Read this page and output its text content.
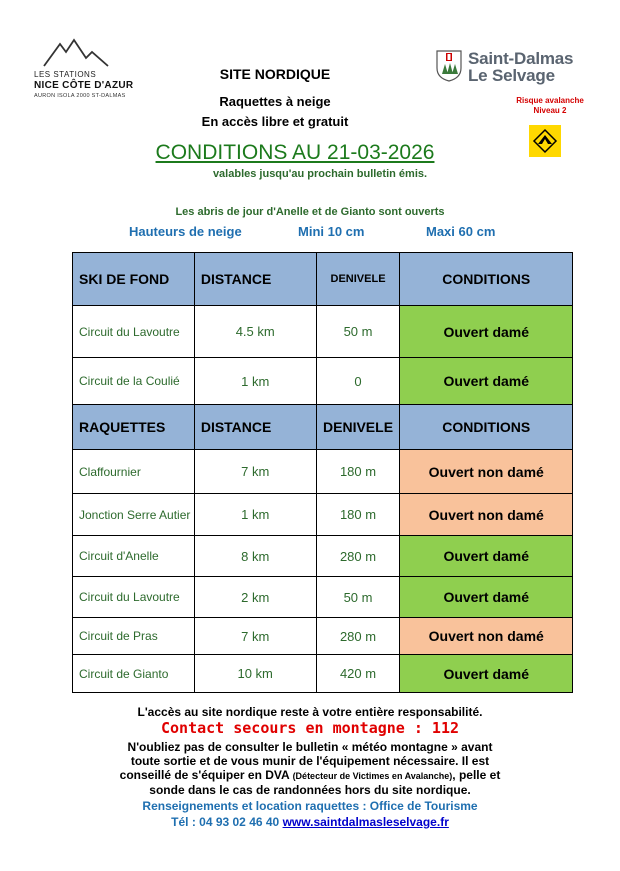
LES STATIONS
NICE CÔTE D'AZUR
AURON ISOLA 2000 ST-DALMAS
Saint-Dalmas
Le Selvage
Risque avalanche
Niveau 2
SITE NORDIQUE
Raquettes à neige
En accès libre et gratuit
CONDITIONS AU 21-03-2026
valables jusqu'au prochain bulletin émis.
Les abris de jour d'Anelle et de Gianto sont ouverts
Hauteurs de neige	Mini 10 cm	Maxi 60 cm
SKI DE FOND	DISTANCE	DENIVELE	CONDITIONS
Circuit du Lavoutre	4.5 km	50 m	Ouvert damé
Circuit de la Coulié	1 km	0	Ouvert damé
RAQUETTES	DISTANCE	DENIVELE	CONDITIONS
Claffournier	7 km	180 m	Ouvert non damé
Jonction Serre Autier	1 km	180 m	Ouvert non damé
Circuit d'Anelle	8 km	280 m	Ouvert damé
Circuit du Lavoutre	2 km	50 m	Ouvert damé
Circuit de Pras	7 km	280 m	Ouvert non damé
Circuit de Gianto	10 km	420 m	Ouvert damé
L'accès au site nordique reste à votre entière responsabilité.
Contact secours en montagne : 112
N'oubliez pas de consulter le bulletin « météo montagne » avant
toute sortie et de vous munir de l'équipement nécessaire. Il est
conseillé de s'équiper en DVA (Détecteur de Victimes en Avalanche), pelle et
sonde dans le cas de randonnées hors du site nordique.
Renseignements et location raquettes : Office de Tourisme
Tél : 04 93 02 46 40 www.saintdalmasleselvage.fr
